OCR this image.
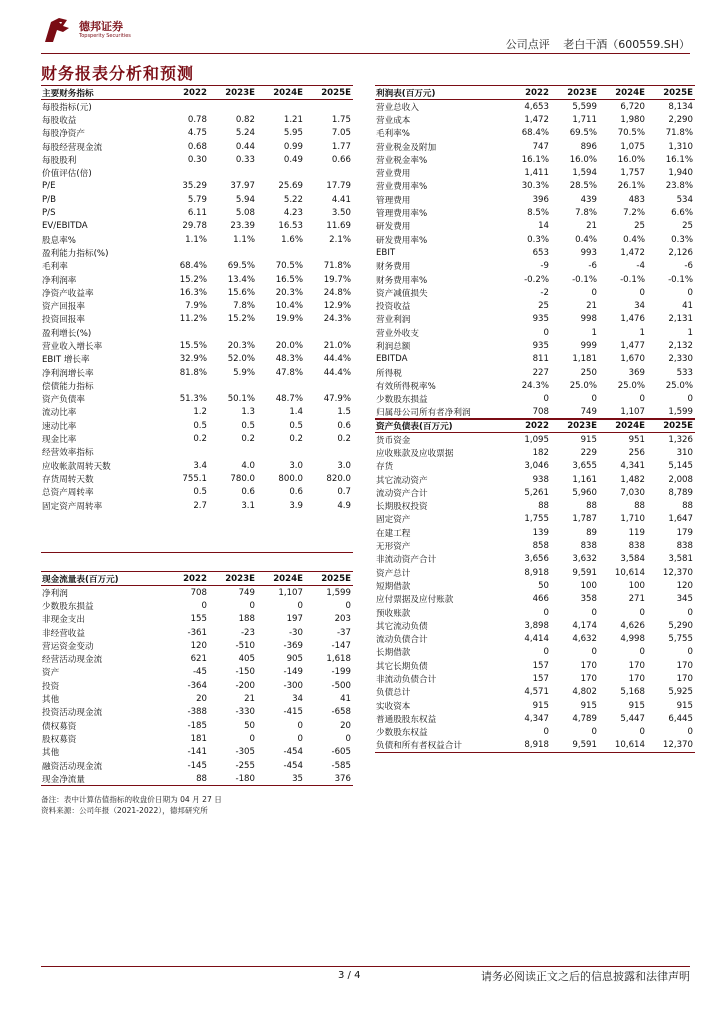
德邦证券
Topsperity Securities
公司点评 老白干酒（600559.SH）
财务报表分析和预测
主要财务指标	2022	2023E	2024E	2025E
每股指标(元)				
每股收益	0.78	0.82	1.21	1.75
每股净资产	4.75	5.24	5.95	7.05
每股经营现金流	0.68	0.44	0.99	1.77
每股股利	0.30	0.33	0.49	0.66
价值评估(倍)				
P/E	35.29	37.97	25.69	17.79
P/B	5.79	5.94	5.22	4.41
P/S	6.11	5.08	4.23	3.50
EV/EBITDA	29.78	23.39	16.53	11.69
股息率%	1.1%	1.1%	1.6%	2.1%
盈利能力指标(%)				
毛利率	68.4%	69.5%	70.5%	71.8%
净利润率	15.2%	13.4%	16.5%	19.7%
净资产收益率	16.3%	15.6%	20.3%	24.8%
资产回报率	7.9%	7.8%	10.4%	12.9%
投资回报率	11.2%	15.2%	19.9%	24.3%
盈利增长(%)				
营业收入增长率	15.5%	20.3%	20.0%	21.0%
EBIT 增长率	32.9%	52.0%	48.3%	44.4%
净利润增长率	81.8%	5.9%	47.8%	44.4%
偿债能力指标				
资产负债率	51.3%	50.1%	48.7%	47.9%
流动比率	1.2	1.3	1.4	1.5
速动比率	0.5	0.5	0.5	0.6
现金比率	0.2	0.2	0.2	0.2
经营效率指标				
应收帐款周转天数	3.4	4.0	3.0	3.0
存货周转天数	755.1	780.0	800.0	820.0
总资产周转率	0.5	0.6	0.6	0.7
固定资产周转率	2.7	3.1	3.9	4.9

利润表(百万元)	2022	2023E	2024E	2025E
营业总收入	4,653	5,599	6,720	8,134
营业成本	1,472	1,711	1,980	2,290
毛利率%	68.4%	69.5%	70.5%	71.8%
营业税金及附加	747	896	1,075	1,310
营业税金率%	16.1%	16.0%	16.0%	16.1%
营业费用	1,411	1,594	1,757	1,940
营业费用率%	30.3%	28.5%	26.1%	23.8%
管理费用	396	439	483	534
管理费用率%	8.5%	7.8%	7.2%	6.6%
研发费用	14	21	25	25
研发费用率%	0.3%	0.4%	0.4%	0.3%
EBIT	653	993	1,472	2,126
财务费用	-9	-6	-4	-6
财务费用率%	-0.2%	-0.1%	-0.1%	-0.1%
资产减值损失	-2	0	0	0
投资收益	25	21	34	41
营业利润	935	998	1,476	2,131
营业外收支	0	1	1	1
利润总额	935	999	1,477	2,132
EBITDA	811	1,181	1,670	2,330
所得税	227	250	369	533
有效所得税率%	24.3%	25.0%	25.0%	25.0%
少数股东损益	0	0	0	0
归属母公司所有者净利润	708	749	1,107	1,599
资产负债表(百万元)	2022	2023E	2024E	2025E
货币资金	1,095	915	951	1,326
应收账款及应收票据	182	229	256	310
存货	3,046	3,655	4,341	5,145
其它流动资产	938	1,161	1,482	2,008
流动资产合计	5,261	5,960	7,030	8,789
长期股权投资	88	88	88	88
固定资产	1,755	1,787	1,710	1,647
在建工程	139	89	119	179
无形资产	858	838	838	838
非流动资产合计	3,656	3,632	3,584	3,581
资产总计	8,918	9,591	10,614	12,370
短期借款	50	100	100	120
应付票据及应付账款	466	358	271	345
预收账款	0	0	0	0
其它流动负债	3,898	4,174	4,626	5,290
流动负债合计	4,414	4,632	4,998	5,755
长期借款	0	0	0	0
其它长期负债	157	170	170	170
非流动负债合计	157	170	170	170
负债总计	4,571	4,802	5,168	5,925
实收资本	915	915	915	915
普通股股东权益	4,347	4,789	5,447	6,445
少数股东权益	0	0	0	0
负债和所有者权益合计	8,918	9,591	10,614	12,370
现金流量表(百万元)	2022	2023E	2024E	2025E
净利润	708	749	1,107	1,599
少数股东损益	0	0	0	0
非现金支出	155	188	197	203
非经营收益	-361	-23	-30	-37
营运资金变动	120	-510	-369	-147
经营活动现金流	621	405	905	1,618
资产	-45	-150	-149	-199
投资	-364	-200	-300	-500
其他	20	21	34	41
投资活动现金流	-388	-330	-415	-658
债权募资	-185	50	0	20
股权募资	181	0	0	0
其他	-141	-305	-454	-605
融资活动现金流	-145	-255	-454	-585
现金净流量	88	-180	35	376
备注：表中计算估值指标的收盘价日期为 04 月 27 日
资料来源：公司年报（2021-2022），德邦研究所
3 / 4	请务必阅读正文之后的信息披露和法律声明
